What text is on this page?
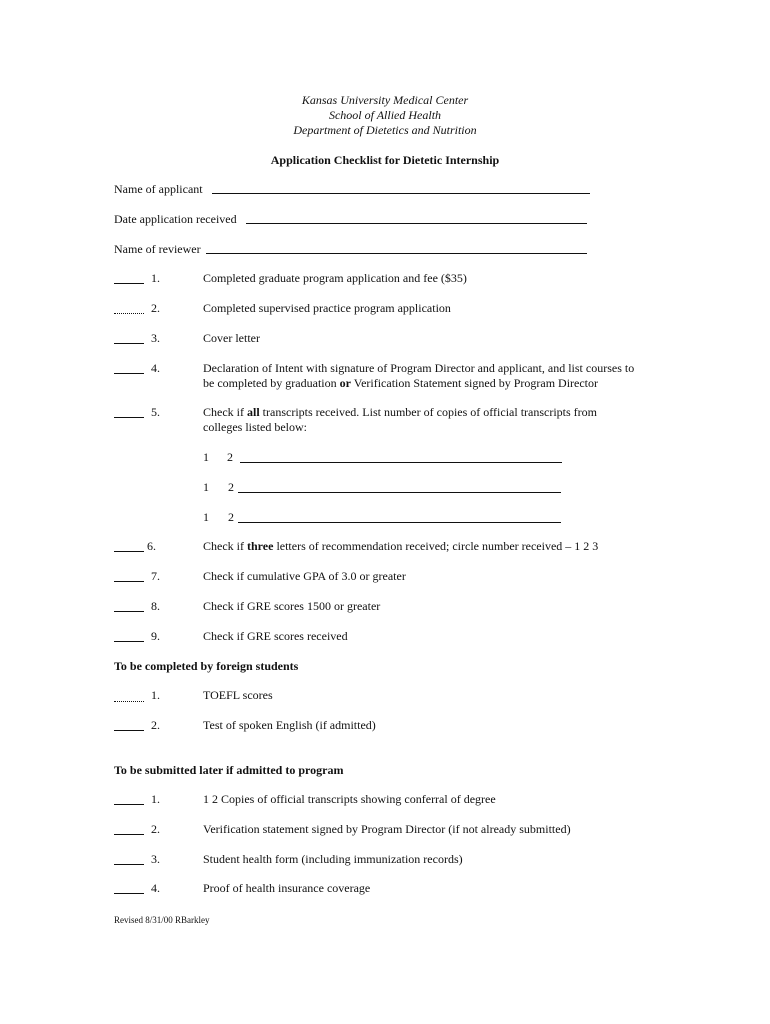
Kansas University Medical Center
School of Allied Health
Department of Dietetics and Nutrition
Application Checklist for Dietetic Internship
Name of applicant
Date application received
Name of reviewer
1.	Completed graduate program application and fee ($35)
2.	Completed supervised practice program application
3.	Cover letter
4.	Declaration of Intent with signature of Program Director and applicant, and list courses to
be completed by graduation or Verification Statement signed by Program Director
5.	Check if all transcripts received. List number of copies of official transcripts from
colleges listed below:
1 2
1 2
1 2
6.	Check if three letters of recommendation received; circle number received – 1 2 3
7.	Check if cumulative GPA of 3.0 or greater
8.	Check if GRE scores 1500 or greater
9.	Check if GRE scores received
To be completed by foreign students
1.	TOEFL scores
2.	Test of spoken English (if admitted)
To be submitted later if admitted to program
1.	1 2 Copies of official transcripts showing conferral of degree
2.	Verification statement signed by Program Director (if not already submitted)
3.	Student health form (including immunization records)
4.	Proof of health insurance coverage
Revised 8/31/00 RBarkley
